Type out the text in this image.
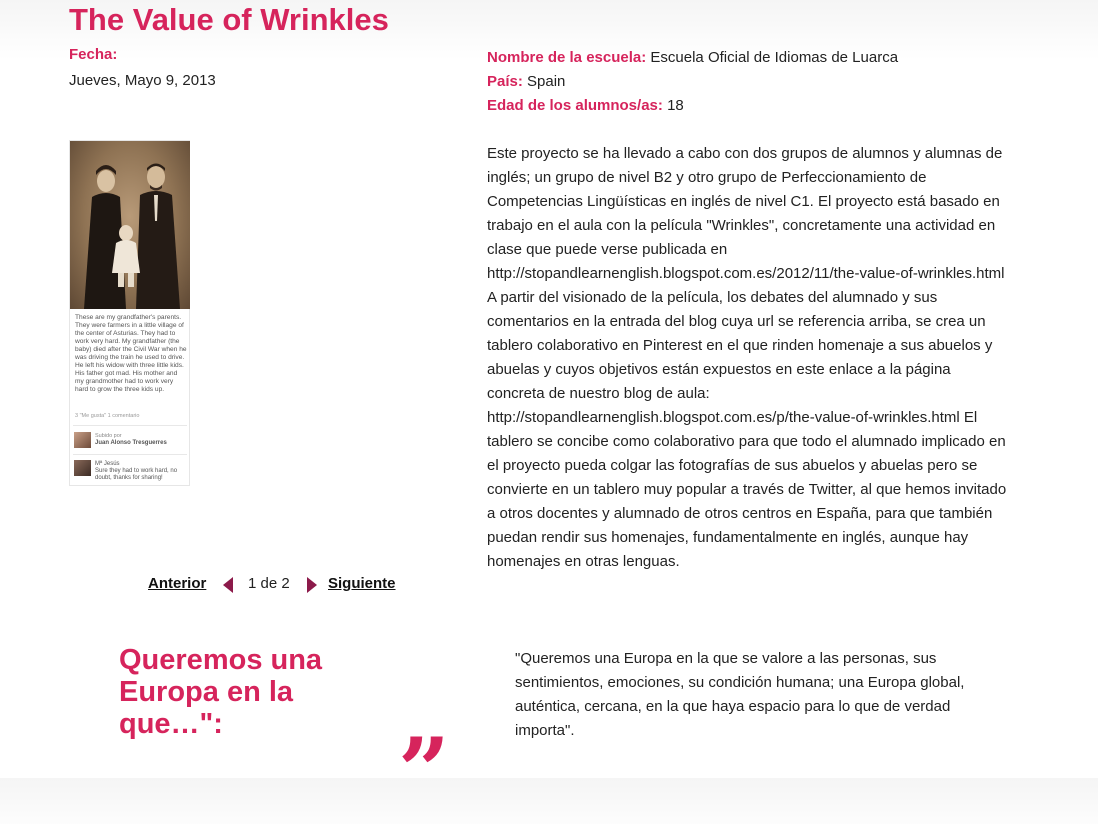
The Value of Wrinkles
Fecha:
Jueves, Mayo 9, 2013
Nombre de la escuela: Escuela Oficial de Idiomas de Luarca
País: Spain
Edad de los alumnos/as: 18

Este proyecto se ha llevado a cabo con dos grupos de alumnos y alumnas de inglés; un grupo de nivel B2 y otro grupo de Perfeccionamiento de Competencias Lingüísticas en inglés de nivel C1. El proyecto está basado en trabajo en el aula con la película "Wrinkles", concretamente una actividad en clase que puede verse publicada en http://stopandlearnenglish.blogspot.com.es/2012/11/the-value-of-wrinkles.html A partir del visionado de la película, los debates del alumnado y sus comentarios en la entrada del blog cuya url se referencia arriba, se crea un tablero colaborativo en Pinterest en el que rinden homenaje a sus abuelos y abuelas y cuyos objetivos están expuestos en este enlace a la página concreta de nuestro blog de aula: http://stopandlearnenglish.blogspot.com.es/p/the-value-of-wrinkles.html El tablero se concibe como colaborativo para que todo el alumnado implicado en el proyecto pueda colgar las fotografías de sus abuelos y abuelas pero se convierte en un tablero muy popular a través de Twitter, al que hemos invitado a otros docentes y alumnado de otros centros en España, para que también puedan rendir sus homenajes, fundamentalmente en inglés, aunque hay homenajes en otras lenguas.

These are my grandfather's parents. They were farmers in a little village of the center of Asturias. They had to work very hard. My grandfather (the baby) died after the Civil War when he was driving the train he used to drive. He left his widow with three little kids. His father got mad. His mother and my grandmother had to work very hard to grow the three kids up.
3 "Me gusta" 1 comentario
Subido por
Juan Alonso Tresguerres
Mª Jesús
Sure they had to work hard, no doubt, thanks for sharing!
Anterior	1 de 2	Siguiente
Queremos una Europa en la que…":	”
"Queremos una Europa en la que se valore a las personas, sus sentimientos, emociones, su condición humana; una Europa global, auténtica, cercana, en la que haya espacio para lo que de verdad importa".
